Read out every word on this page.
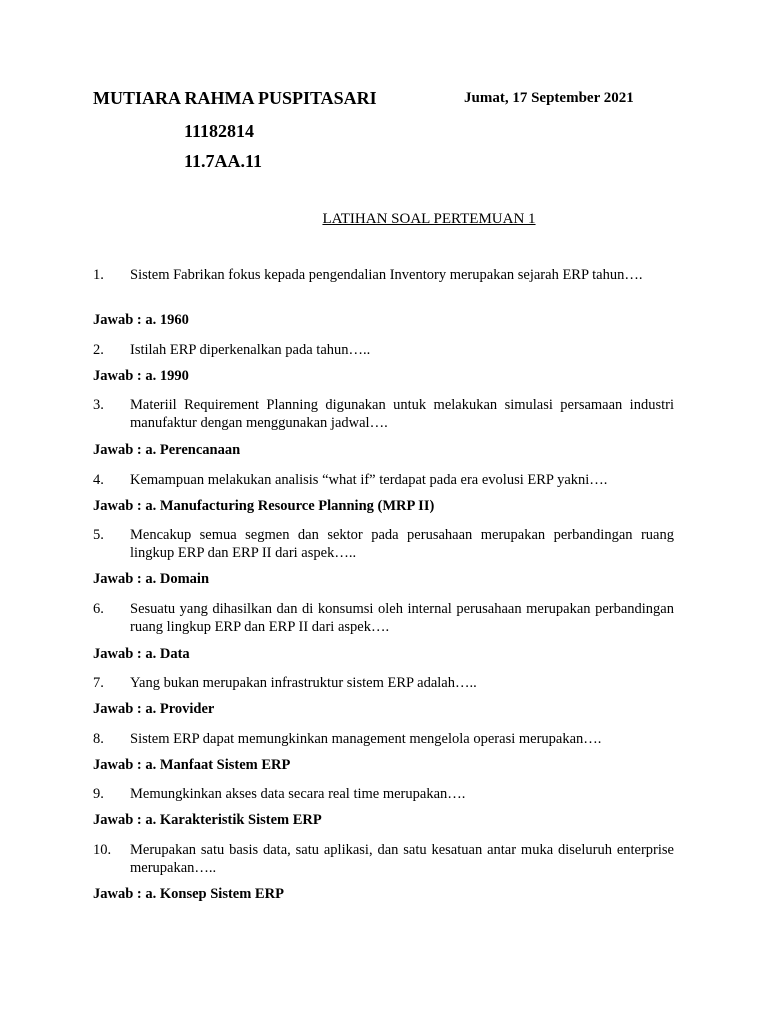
MUTIARA RAHMA PUSPITASARI	Jumat, 17 September 2021
11182814
11.7AA.11
LATIHAN SOAL PERTEMUAN 1
1.	Sistem Fabrikan fokus kepada pengendalian Inventory merupakan sejarah ERP tahun….
Jawab : a. 1960
2.	Istilah ERP diperkenalkan pada tahun…..
Jawab : a. 1990
3.	Materiil Requirement Planning digunakan untuk melakukan simulasi persamaan industri manufaktur dengan menggunakan jadwal….
Jawab : a. Perencanaan
4.	Kemampuan melakukan analisis “what if” terdapat pada era evolusi ERP yakni….
Jawab : a. Manufacturing Resource Planning (MRP II)
5.	Mencakup semua segmen dan sektor pada perusahaan merupakan perbandingan ruang lingkup ERP dan ERP II dari aspek…..
Jawab : a. Domain
6.	Sesuatu yang dihasilkan dan di konsumsi oleh internal perusahaan merupakan perbandingan ruang lingkup ERP dan ERP II dari aspek….
Jawab : a. Data
7.	Yang bukan merupakan infrastruktur sistem ERP adalah…..
Jawab : a. Provider
8.	Sistem ERP dapat memungkinkan management mengelola operasi merupakan….
Jawab : a. Manfaat Sistem ERP
9.	Memungkinkan akses data secara real time merupakan….
Jawab : a. Karakteristik Sistem ERP
10.	Merupakan satu basis data, satu aplikasi, dan satu kesatuan antar muka diseluruh enterprise merupakan…..
Jawab : a. Konsep Sistem ERP
